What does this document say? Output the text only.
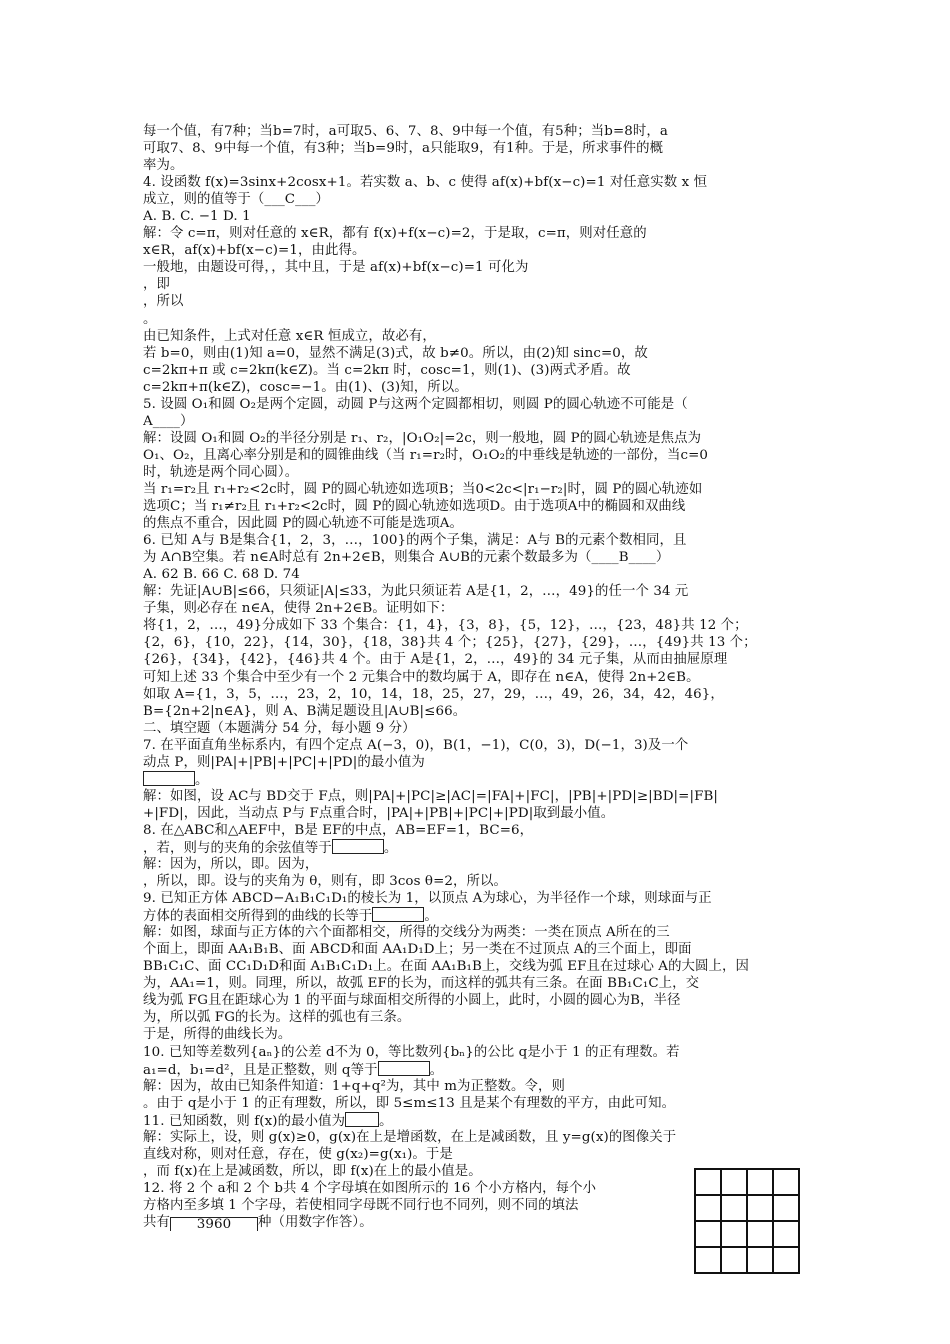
每一个值，有7种；当b=7时，a可取5、6、7、8、9中每一个值，有5种；当b=8时，a
可取7、8、9中每一个值，有3种；当b=9时，a只能取9，有1种。于是，所求事件的概
率为。
4. 设函数 f(x)=3sinx+2cosx+1。若实数 a、b、c 使得 af(x)+bf(x−c)=1 对任意实数 x 恒
成立，则的值等于（___C___）
A. B. C. −1 D. 1
解：令 c=π，则对任意的 x∈R，都有 f(x)+f(x−c)=2，于是取，c=π，则对任意的
x∈R，af(x)+bf(x−c)=1，由此得。
一般地，由题设可得，，其中且，于是 af(x)+bf(x−c)=1 可化为
，即
，所以
。
由已知条件，上式对任意 x∈R 恒成立，故必有，
若 b=0，则由(1)知 a=0，显然不满足(3)式，故 b≠0。所以，由(2)知 sinc=0，故
c=2kπ+π 或 c=2kπ(k∈Z)。当 c=2kπ 时，cosc=1，则(1)、(3)两式矛盾。故
c=2kπ+π(k∈Z)，cosc=−1。由(1)、(3)知，所以。
5. 设圆 O₁和圆 O₂是两个定圆，动圆 P与这两个定圆都相切，则圆 P的圆心轨迹不可能是（
A____）
解：设圆 O₁和圆 O₂的半径分别是 r₁、r₂，|O₁O₂|=2c，则一般地，圆 P的圆心轨迹是焦点为
O₁、O₂，且离心率分别是和的圆锥曲线（当 r₁=r₂时，O₁O₂的中垂线是轨迹的一部份，当c=0
时，轨迹是两个同心圆）。
当 r₁=r₂且 r₁+r₂<2c时，圆 P的圆心轨迹如选项B；当0<2c<|r₁−r₂|时，圆 P的圆心轨迹如
选项C；当 r₁≠r₂且 r₁+r₂<2c时，圆 P的圆心轨迹如选项D。由于选项A中的椭圆和双曲线
的焦点不重合，因此圆 P的圆心轨迹不可能是选项A。
6. 已知 A与 B是集合{1，2，3，…，100}的两个子集，满足：A与 B的元素个数相同，且
为 A∩B空集。若 n∈A时总有 2n+2∈B，则集合 A∪B的元素个数最多为（____B____）
A. 62 B. 66 C. 68 D. 74
解：先证|A∪B|≤66，只须证|A|≤33，为此只须证若 A是{1，2，…，49}的任一个 34 元
子集，则必存在 n∈A，使得 2n+2∈B。证明如下：
将{1，2，…，49}分成如下 33 个集合：{1，4}，{3，8}，{5，12}，…，{23，48}共 12 个；
{2，6}，{10，22}，{14，30}，{18，38}共 4 个；{25}，{27}，{29}，…，{49}共 13 个；
{26}，{34}，{42}，{46}共 4 个。由于 A是{1，2，…，49}的 34 元子集，从而由抽屉原理
可知上述 33 个集合中至少有一个 2 元集合中的数均属于 A，即存在 n∈A，使得 2n+2∈B。
如取 A={1，3，5，…，23，2，10，14，18，25，27，29，…，49，26，34，42，46}，
B={2n+2|n∈A}，则 A、B满足题设且|A∪B|≤66。
二、填空题（本题满分 54 分，每小题 9 分）
7. 在平面直角坐标系内，有四个定点 A(−3，0)，B(1，−1)，C(0，3)，D(−1，3)及一个
动点 P，则|PA|+|PB|+|PC|+|PD|的最小值为
。
解：如图，设 AC与 BD交于 F点，则|PA|+|PC|≥|AC|=|FA|+|FC|，|PB|+|PD|≥|BD|=|FB|
+|FD|，因此，当动点 P与 F点重合时，|PA|+|PB|+|PC|+|PD|取到最小值。
8. 在△ABC和△AEF中，B是 EF的中点，AB=EF=1，BC=6，
，若，则与的夹角的余弦值等于	。
解：因为，所以，即。因为，
，所以，即。设与的夹角为 θ，则有，即 3cos θ=2，所以。
9. 已知正方体 ABCD−A₁B₁C₁D₁的棱长为 1，以顶点 A为球心，为半径作一个球，则球面与正
方体的表面相交所得到的曲线的长等于	。
解：如图，球面与正方体的六个面都相交，所得的交线分为两类：一类在顶点 A所在的三
个面上，即面 AA₁B₁B、面 ABCD和面 AA₁D₁D上；另一类在不过顶点 A的三个面上，即面
BB₁C₁C、面 CC₁D₁D和面 A₁B₁C₁D₁上。在面 AA₁B₁B上，交线为弧 EF且在过球心 A的大圆上，因
为，AA₁=1，则。同理，所以，故弧 EF的长为，而这样的弧共有三条。在面 BB₁C₁C上，交
线为弧 FG且在距球心为 1 的平面与球面相交所得的小圆上，此时，小圆的圆心为B，半径
为，所以弧 FG的长为。这样的弧也有三条。
于是，所得的曲线长为。
10. 已知等差数列{aₙ}的公差 d不为 0，等比数列{bₙ}的公比 q是小于 1 的正有理数。若
a₁=d，b₁=d²，且是正整数，则 q等于	。
解：因为，故由已知条件知道：1+q+q²为，其中 m为正整数。令，则
。由于 q是小于 1 的正有理数，所以，即 5≤m≤13 且是某个有理数的平方，由此可知。
11. 已知函数，则 f(x)的最小值为	。
解：实际上，设，则 g(x)≥0，g(x)在上是增函数，在上是减函数，且 y=g(x)的图像关于
直线对称，则对任意，存在，使 g(x₂)=g(x₁)。于是
，而 f(x)在上是减函数，所以，即 f(x)在上的最小值是。
12. 将 2 个 a和 2 个 b共 4 个字母填在如图所示的 16 个小方格内，每个小
方格内至多填 1 个字母，若使相同字母既不同行也不同列，则不同的填法
共有 3960 种（用数字作答）。
